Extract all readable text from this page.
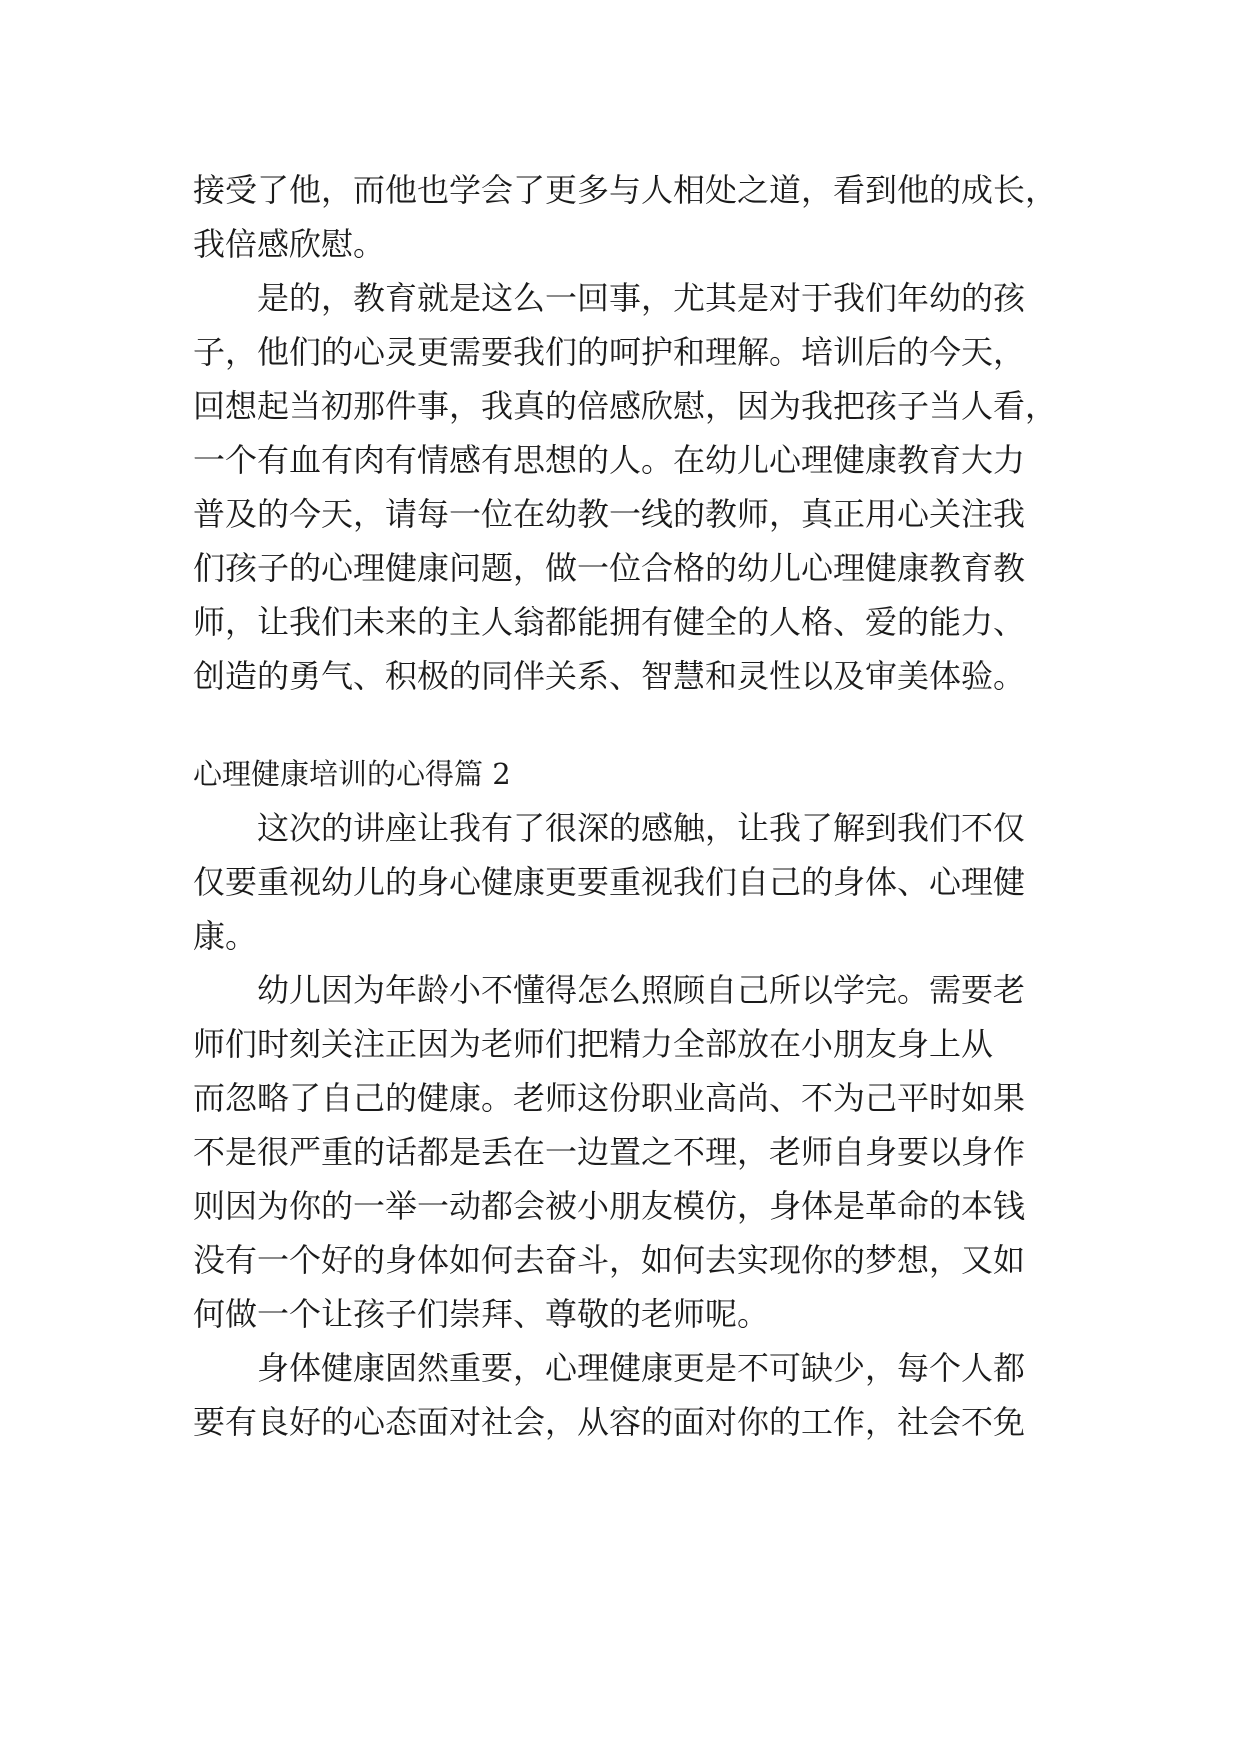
接受了他，而他也学会了更多与人相处之道，看到他的成长，
我倍感欣慰。
是的，教育就是这么一回事，尤其是对于我们年幼的孩
子，他们的心灵更需要我们的呵护和理解。培训后的今天，
回想起当初那件事，我真的倍感欣慰，因为我把孩子当人看，
一个有血有肉有情感有思想的人。在幼儿心理健康教育大力
普及的今天，请每一位在幼教一线的教师，真正用心关注我
们孩子的心理健康问题，做一位合格的幼儿心理健康教育教
师，让我们未来的主人翁都能拥有健全的人格、爱的能力、
创造的勇气、积极的同伴关系、智慧和灵性以及审美体验。
心理健康培训的心得篇 2
这次的讲座让我有了很深的感触，让我了解到我们不仅
仅要重视幼儿的身心健康更要重视我们自己的身体、心理健
康。
幼儿因为年龄小不懂得怎么照顾自己所以学完。需要老
师们时刻关注正因为老师们把精力全部放在小朋友身上从
而忽略了自己的健康。老师这份职业高尚、不为己平时如果
不是很严重的话都是丢在一边置之不理，老师自身要以身作
则因为你的一举一动都会被小朋友模仿，身体是革命的本钱
没有一个好的身体如何去奋斗，如何去实现你的梦想，又如
何做一个让孩子们崇拜、尊敬的老师呢。
身体健康固然重要，心理健康更是不可缺少，每个人都
要有良好的心态面对社会，从容的面对你的工作，社会不免
